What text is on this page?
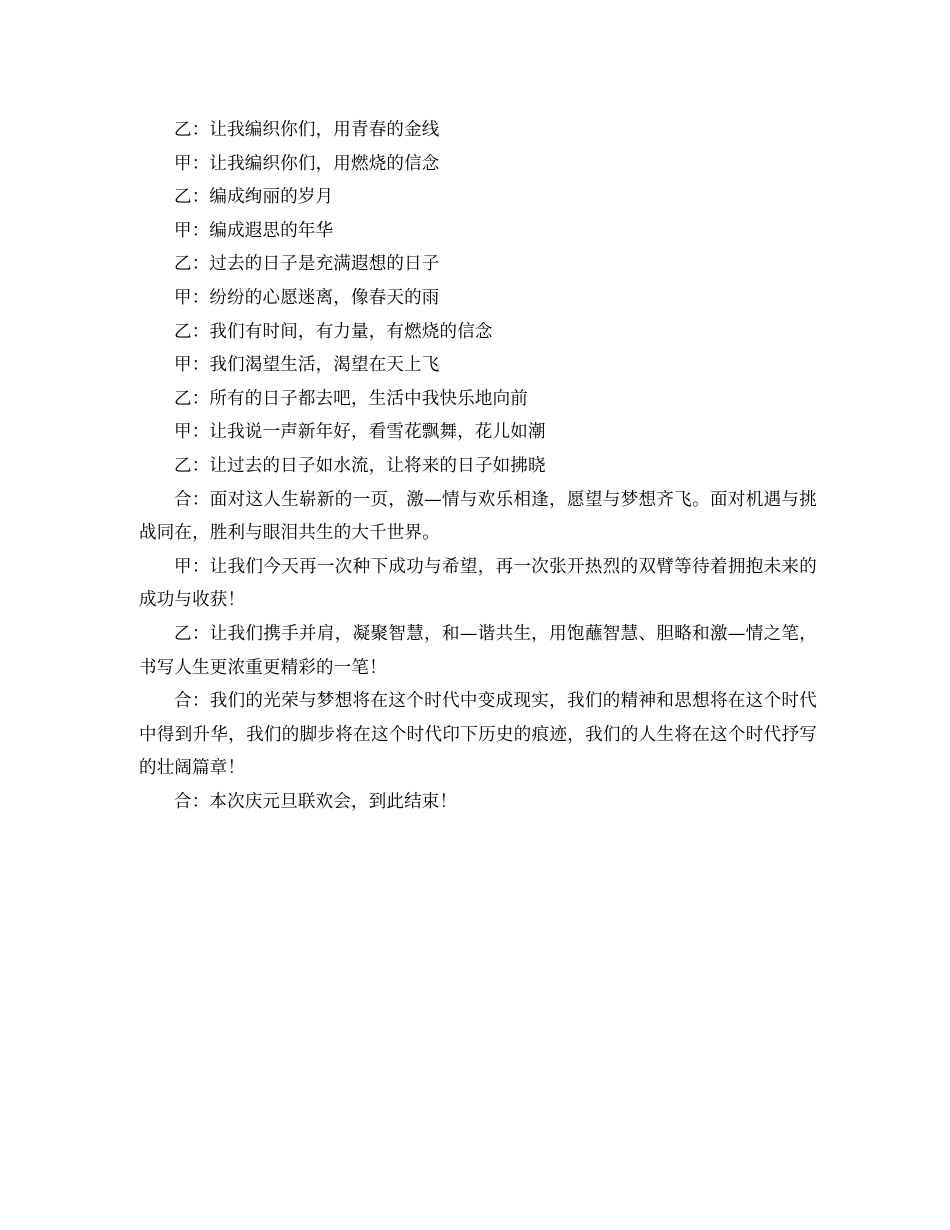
乙：让我编织你们，用青春的金线

甲：让我编织你们，用燃烧的信念

乙：编成绚丽的岁月

甲：编成遐思的年华

乙：过去的日子是充满遐想的日子

甲：纷纷的心愿迷离，像春天的雨

乙：我们有时间，有力量，有燃烧的信念

甲：我们渴望生活，渴望在天上飞

乙：所有的日子都去吧，生活中我快乐地向前

甲：让我说一声新年好，看雪花飘舞，花儿如潮

乙：让过去的日子如水流，让将来的日子如拂晓

合：面对这人生崭新的一页，激—情与欢乐相逢，愿望与梦想齐飞。面对机遇与挑战同在，胜利与眼泪共生的大千世界。

甲：让我们今天再一次种下成功与希望，再一次张开热烈的双臂等待着拥抱未来的成功与收获！

乙：让我们携手并肩，凝聚智慧，和—谐共生，用饱蘸智慧、胆略和激—情之笔，书写人生更浓重更精彩的一笔！

合：我们的光荣与梦想将在这个时代中变成现实，我们的精神和思想将在这个时代中得到升华，我们的脚步将在这个时代印下历史的痕迹，我们的人生将在这个时代抒写的壮阔篇章！

合：本次庆元旦联欢会，到此结束！
